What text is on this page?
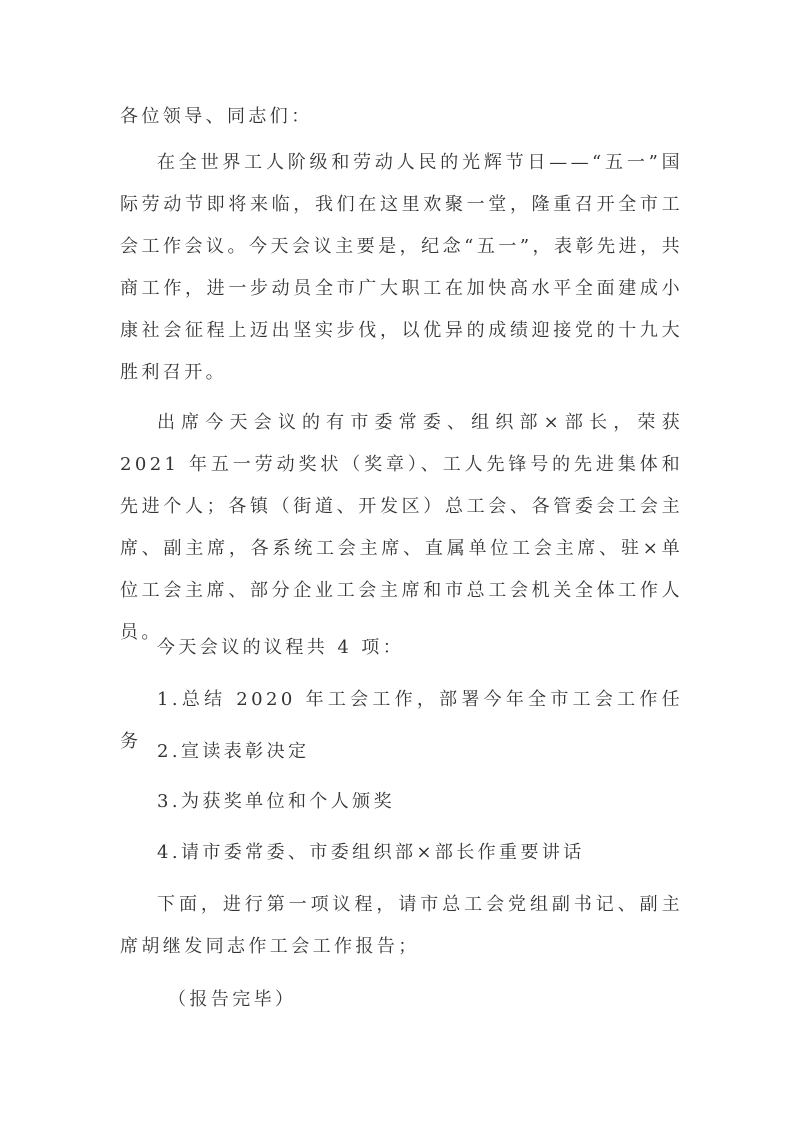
各位领导、同志们：

在全世界工人阶级和劳动人民的光辉节日——“五一”国际劳动节即将来临，我们在这里欢聚一堂，隆重召开全市工会工作会议。今天会议主要是，纪念“五一”，表彰先进，共商工作，进一步动员全市广大职工在加快高水平全面建成小康社会征程上迈出坚实步伐，以优异的成绩迎接党的十九大胜利召开。

出席今天会议的有市委常委、组织部×部长，荣获 2021 年五一劳动奖状（奖章）、工人先锋号的先进集体和先进个人；各镇（街道、开发区）总工会、各管委会工会主席、副主席，各系统工会主席、直属单位工会主席、驻×单位工会主席、部分企业工会主席和市总工会机关全体工作人员。

今天会议的议程共 4 项：

1.总结 2020 年工会工作，部署今年全市工会工作任务 2.宣读表彰决定

3.为获奖单位和个人颁奖

4.请市委常委、市委组织部×部长作重要讲话

下面，进行第一项议程，请市总工会党组副书记、副主席胡继发同志作工会工作报告；

（报告完毕）
